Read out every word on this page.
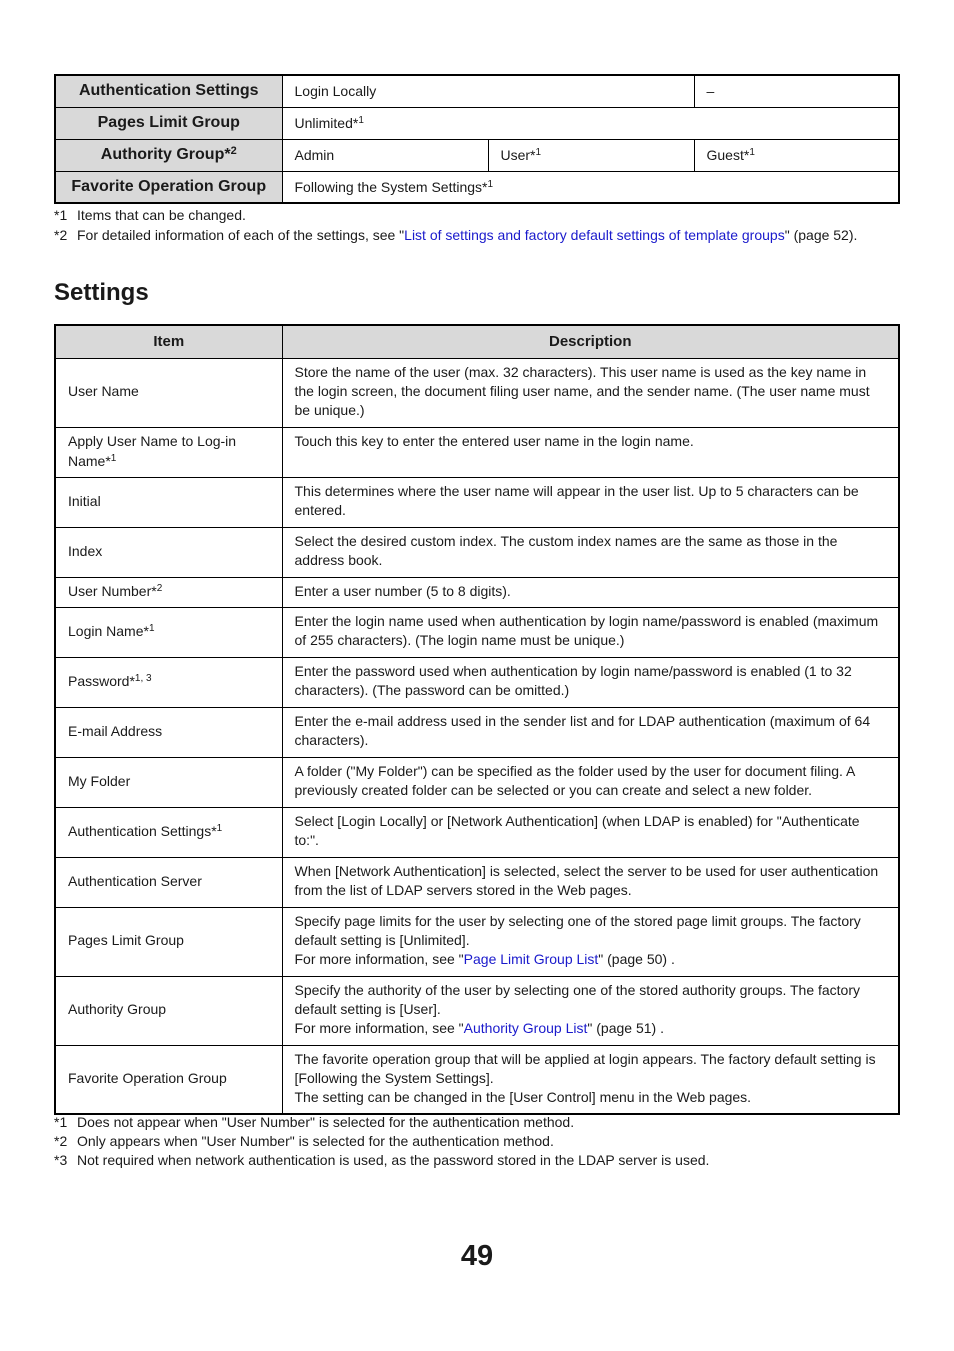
Authentication Settings	Login Locally		–
Pages Limit Group	Unlimited*$^1$
Authority Group*$^2$	Admin	User*$^1$	Guest*$^1$
Favorite Operation Group	Following the System Settings*$^1$
*1 Items that can be changed.
*2 For detailed information of each of the settings, see "List of settings and factory default settings of template groups" (page 52).
Settings
Item	Description
User Name	Store the name of the user (max. 32 characters). This user name is used as the key name in the login screen, the document filing user name, and the sender name. (The user name must be unique.)
Apply User Name to Log-in Name*$^1$	Touch this key to enter the entered user name in the login name.
Initial	This determines where the user name will appear in the user list. Up to 5 characters can be entered.
Index	Select the desired custom index. The custom index names are the same as those in the address book.
User Number*$^2$	Enter a user number (5 to 8 digits).
Login Name*$^1$	Enter the login name used when authentication by login name/password is enabled (maximum of 255 characters). (The login name must be unique.)
Password*$^{1, 3}$	Enter the password used when authentication by login name/password is enabled (1 to 32 characters). (The password can be omitted.)
E-mail Address	Enter the e-mail address used in the sender list and for LDAP authentication (maximum of 64 characters).
My Folder	A folder ("My Folder") can be specified as the folder used by the user for document filing. A previously created folder can be selected or you can create and select a new folder.
Authentication Settings*$^1$	Select [Login Locally] or [Network Authentication] (when LDAP is enabled) for "Authenticate to:".
Authentication Server	When [Network Authentication] is selected, select the server to be used for user authentication from the list of LDAP servers stored in the Web pages.
Pages Limit Group	Specify page limits for the user by selecting one of the stored page limit groups. The factory default setting is [Unlimited].
For more information, see "Page Limit Group List" (page 50) .
Authority Group	Specify the authority of the user by selecting one of the stored authority groups. The factory default setting is [User].
For more information, see "Authority Group List" (page 51) .
Favorite Operation Group	The favorite operation group that will be applied at login appears. The factory default setting is [Following the System Settings].
The setting can be changed in the [User Control] menu in the Web pages.
*1 Does not appear when "User Number" is selected for the authentication method.
*2 Only appears when "User Number" is selected for the authentication method.
*3 Not required when network authentication is used, as the password stored in the LDAP server is used.
49
